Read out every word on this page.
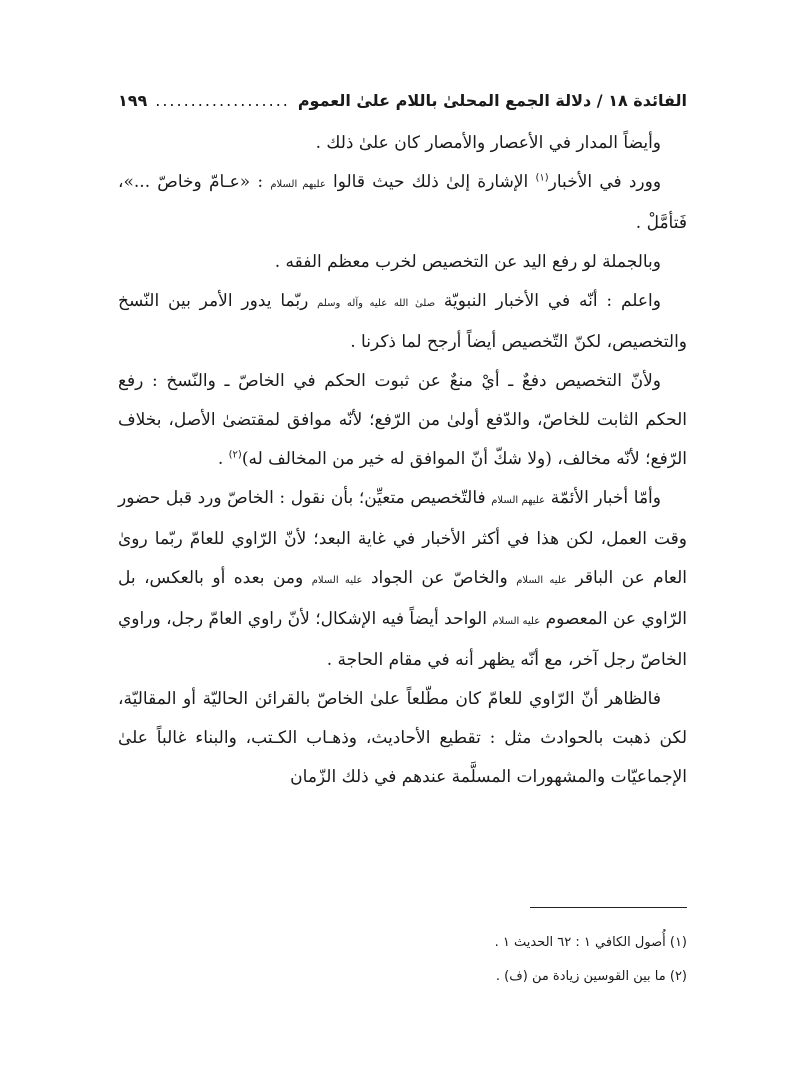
الفائدة ١٨ / دلالة الجمع المحلىٰ باللام علىٰ العموم
...................
١٩٩

وأيضاً المدار في الأعصار والأمصار كان علىٰ ذلك .

وورد في الأخبار$^{(١)}$ الإشارة إلىٰ ذلك حيث قالوا عليهم السلام : «عـامّ وخاصّ ...»، فَتأمَّلْ .

وبالجملة لو رفع اليد عن التخصيص لخرب معظم الفقه .

واعلم : أنّه في الأخبار النبويّة صلىٰ الله عليه وآله وسلم ربّما يدور الأمر بين النّسخ والتخصيص، لكنّ التّخصيص أيضاً أرجح لما ذكرنا .

ولأنّ التخصيص دفعٌ ـ أيْ منعٌ عن ثبوت الحكم في الخاصّ ـ والنّسخ : رفع الحكم الثابت للخاصّ، والدّفع أولىٰ من الرّفع؛ لأنّه موافق لمقتضىٰ الأصل، بخلاف الرّفع؛ لأنّه مخالف، (ولا شكّ أنّ الموافق له خير من المخالف له)$^{(٢)}$ .

وأمّا أخبار الأئمّة عليهم السلام فالتّخصيص متعيِّن؛ بأن نقول : الخاصّ ورد قبل حضور وقت العمل، لكن هذا في أكثر الأخبار في غاية البعد؛ لأنّ الرّاوي للعامّ ربّما روىٰ العام عن الباقر عليه السلام والخاصّ عن الجواد عليه السلام ومن بعده أو بالعكس، بل الرّاوي عن المعصوم عليه السلام الواحد أيضاً فيه الإشكال؛ لأنّ راوي العامّ رجل، وراوي الخاصّ رجل آخر، مع أنّه يظهر أنه في مقام الحاجة .

فالظاهر أنّ الرّاوي للعامّ كان مطّلعاً علىٰ الخاصّ بالقرائن الحاليّة أو المقاليّة، لكن ذهبت بالحوادث مثل : تقطيع الأحاديث، وذهـاب الكـتب، والبناء غالباً علىٰ الإجماعيّات والمشهورات المسلَّمة عندهم في ذلك الزّمان

(١) أُصول الكافي ١ : ٦٢ الحديث ١ .
(٢) ما بين القوسين زيادة من (ف) .
